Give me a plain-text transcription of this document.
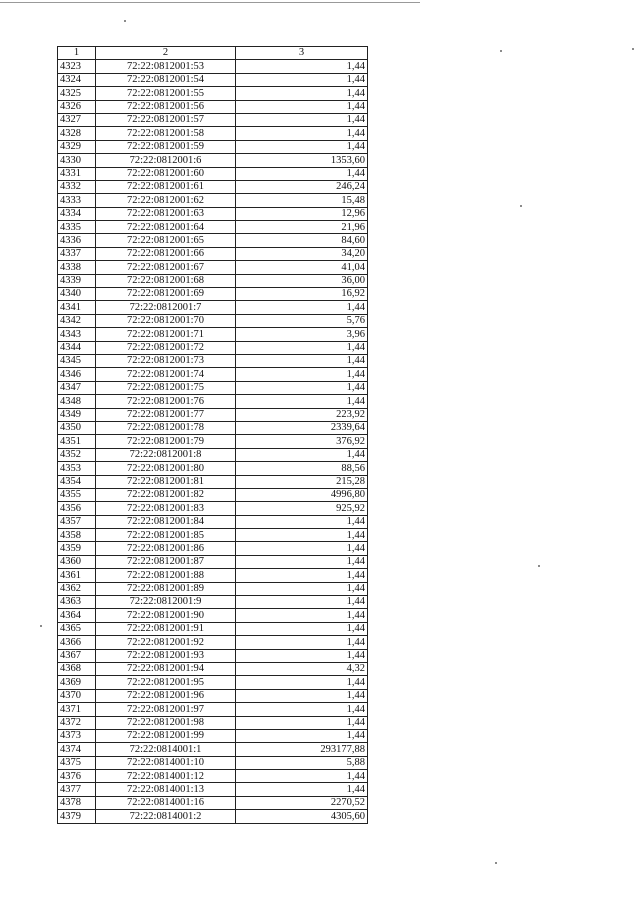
1	2	3
4323	72:22:0812001:53	1,44
4324	72:22:0812001:54	1,44
4325	72:22:0812001:55	1,44
4326	72:22:0812001:56	1,44
4327	72:22:0812001:57	1,44
4328	72:22:0812001:58	1,44
4329	72:22:0812001:59	1,44
4330	72:22:0812001:6	1353,60
4331	72:22:0812001:60	1,44
4332	72:22:0812001:61	246,24
4333	72:22:0812001:62	15,48
4334	72:22:0812001:63	12,96
4335	72:22:0812001:64	21,96
4336	72:22:0812001:65	84,60
4337	72:22:0812001:66	34,20
4338	72:22:0812001:67	41,04
4339	72:22:0812001:68	36,00
4340	72:22:0812001:69	16,92
4341	72:22:0812001:7	1,44
4342	72:22:0812001:70	5,76
4343	72:22:0812001:71	3,96
4344	72:22:0812001:72	1,44
4345	72:22:0812001:73	1,44
4346	72:22:0812001:74	1,44
4347	72:22:0812001:75	1,44
4348	72:22:0812001:76	1,44
4349	72:22:0812001:77	223,92
4350	72:22:0812001:78	2339,64
4351	72:22:0812001:79	376,92
4352	72:22:0812001:8	1,44
4353	72:22:0812001:80	88,56
4354	72:22:0812001:81	215,28
4355	72:22:0812001:82	4996,80
4356	72:22:0812001:83	925,92
4357	72:22:0812001:84	1,44
4358	72:22:0812001:85	1,44
4359	72:22:0812001:86	1,44
4360	72:22:0812001:87	1,44
4361	72:22:0812001:88	1,44
4362	72:22:0812001:89	1,44
4363	72:22:0812001:9	1,44
4364	72:22:0812001:90	1,44
4365	72:22:0812001:91	1,44
4366	72:22:0812001:92	1,44
4367	72:22:0812001:93	1,44
4368	72:22:0812001:94	4,32
4369	72:22:0812001:95	1,44
4370	72:22:0812001:96	1,44
4371	72:22:0812001:97	1,44
4372	72:22:0812001:98	1,44
4373	72:22:0812001:99	1,44
4374	72:22:0814001:1	293177,88
4375	72:22:0814001:10	5,88
4376	72:22:0814001:12	1,44
4377	72:22:0814001:13	1,44
4378	72:22:0814001:16	2270,52
4379	72:22:0814001:2	4305,60
